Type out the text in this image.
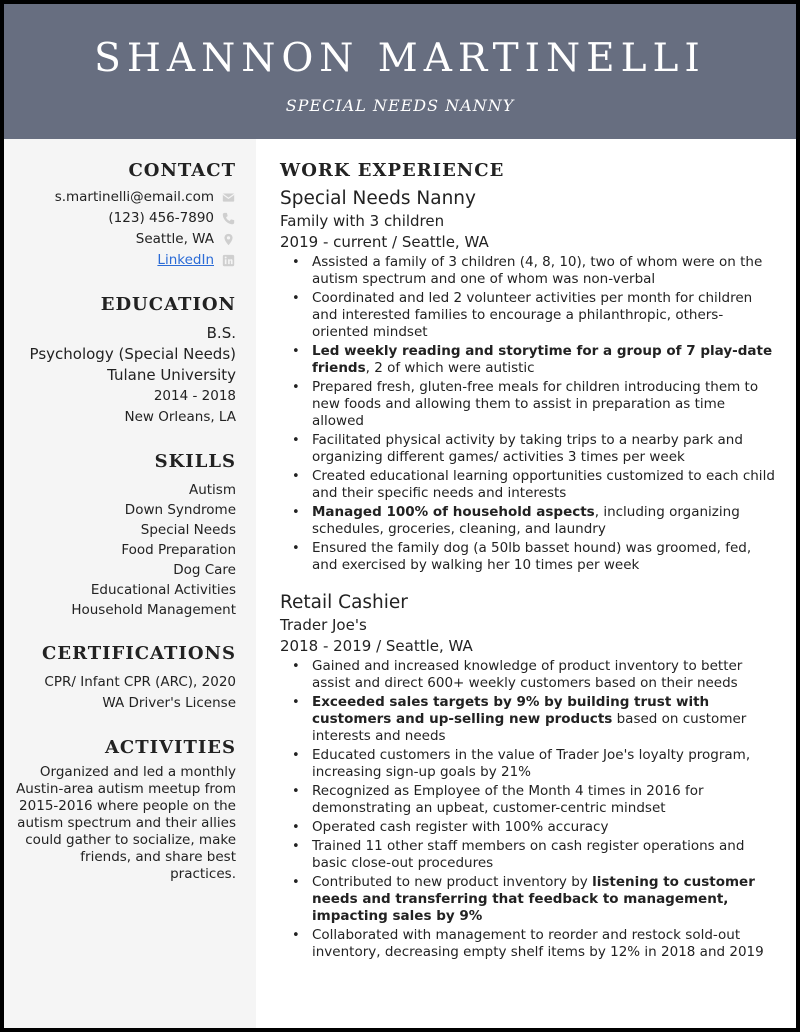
SHANNON MARTINELLI
SPECIAL NEEDS NANNY
CONTACT
s.martinelli@email.com
(123) 456-7890
Seattle, WA
LinkedIn
EDUCATION
B.S.
Psychology (Special Needs)
Tulane University
2014 - 2018
New Orleans, LA
SKILLS
Autism
Down Syndrome
Special Needs
Food Preparation
Dog Care
Educational Activities
Household Management
CERTIFICATIONS
CPR/ Infant CPR (ARC), 2020
WA Driver's License
ACTIVITIES
Organized and led a monthly Austin-area autism meetup from 2015-2016 where people on the autism spectrum and their allies could gather to socialize, make friends, and share best practices.
WORK EXPERIENCE
Special Needs Nanny
Family with 3 children
2019 - current / Seattle, WA
• Assisted a family of 3 children (4, 8, 10), two of whom were on the autism spectrum and one of whom was non-verbal
• Coordinated and led 2 volunteer activities per month for children and interested families to encourage a philanthropic, others-oriented mindset
• Led weekly reading and storytime for a group of 7 play-date friends, 2 of which were autistic
• Prepared fresh, gluten-free meals for children introducing them to new foods and allowing them to assist in preparation as time allowed
• Facilitated physical activity by taking trips to a nearby park and organizing different games/ activities 3 times per week
• Created educational learning opportunities customized to each child and their specific needs and interests
• Managed 100% of household aspects, including organizing schedules, groceries, cleaning, and laundry
• Ensured the family dog (a 50lb basset hound) was groomed, fed, and exercised by walking her 10 times per week
Retail Cashier
Trader Joe's
2018 - 2019 / Seattle, WA
• Gained and increased knowledge of product inventory to better assist and direct 600+ weekly customers based on their needs
• Exceeded sales targets by 9% by building trust with customers and up-selling new products based on customer interests and needs
• Educated customers in the value of Trader Joe's loyalty program, increasing sign-up goals by 21%
• Recognized as Employee of the Month 4 times in 2016 for demonstrating an upbeat, customer-centric mindset
• Operated cash register with 100% accuracy
• Trained 11 other staff members on cash register operations and basic close-out procedures
• Contributed to new product inventory by listening to customer needs and transferring that feedback to management, impacting sales by 9%
• Collaborated with management to reorder and restock sold-out inventory, decreasing empty shelf items by 12% in 2018 and 2019
